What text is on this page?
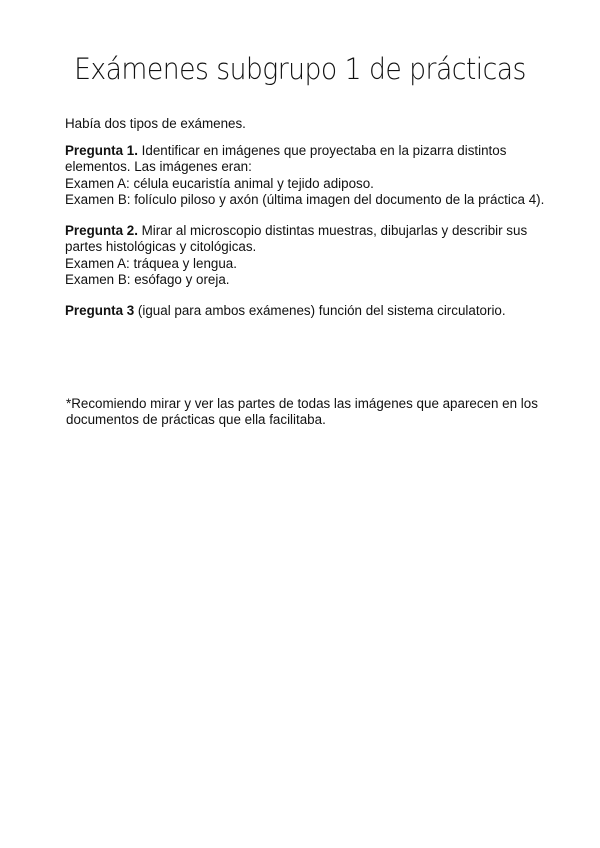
Exámenes subgrupo 1 de prácticas
Había dos tipos de exámenes.
Pregunta 1. Identificar en imágenes que proyectaba en la pizarra distintos elementos. Las imágenes eran:
Examen A: célula eucaristía animal y tejido adiposo.
Examen B: folículo piloso y axón (última imagen del documento de la práctica 4).
Pregunta 2. Mirar al microscopio distintas muestras, dibujarlas y describir sus partes histológicas y citológicas.
Examen A: tráquea y lengua.
Examen B: esófago y oreja.
Pregunta 3 (igual para ambos exámenes) función del sistema circulatorio.
*Recomiendo mirar y ver las partes de todas las imágenes que aparecen en los documentos de prácticas que ella facilitaba.
